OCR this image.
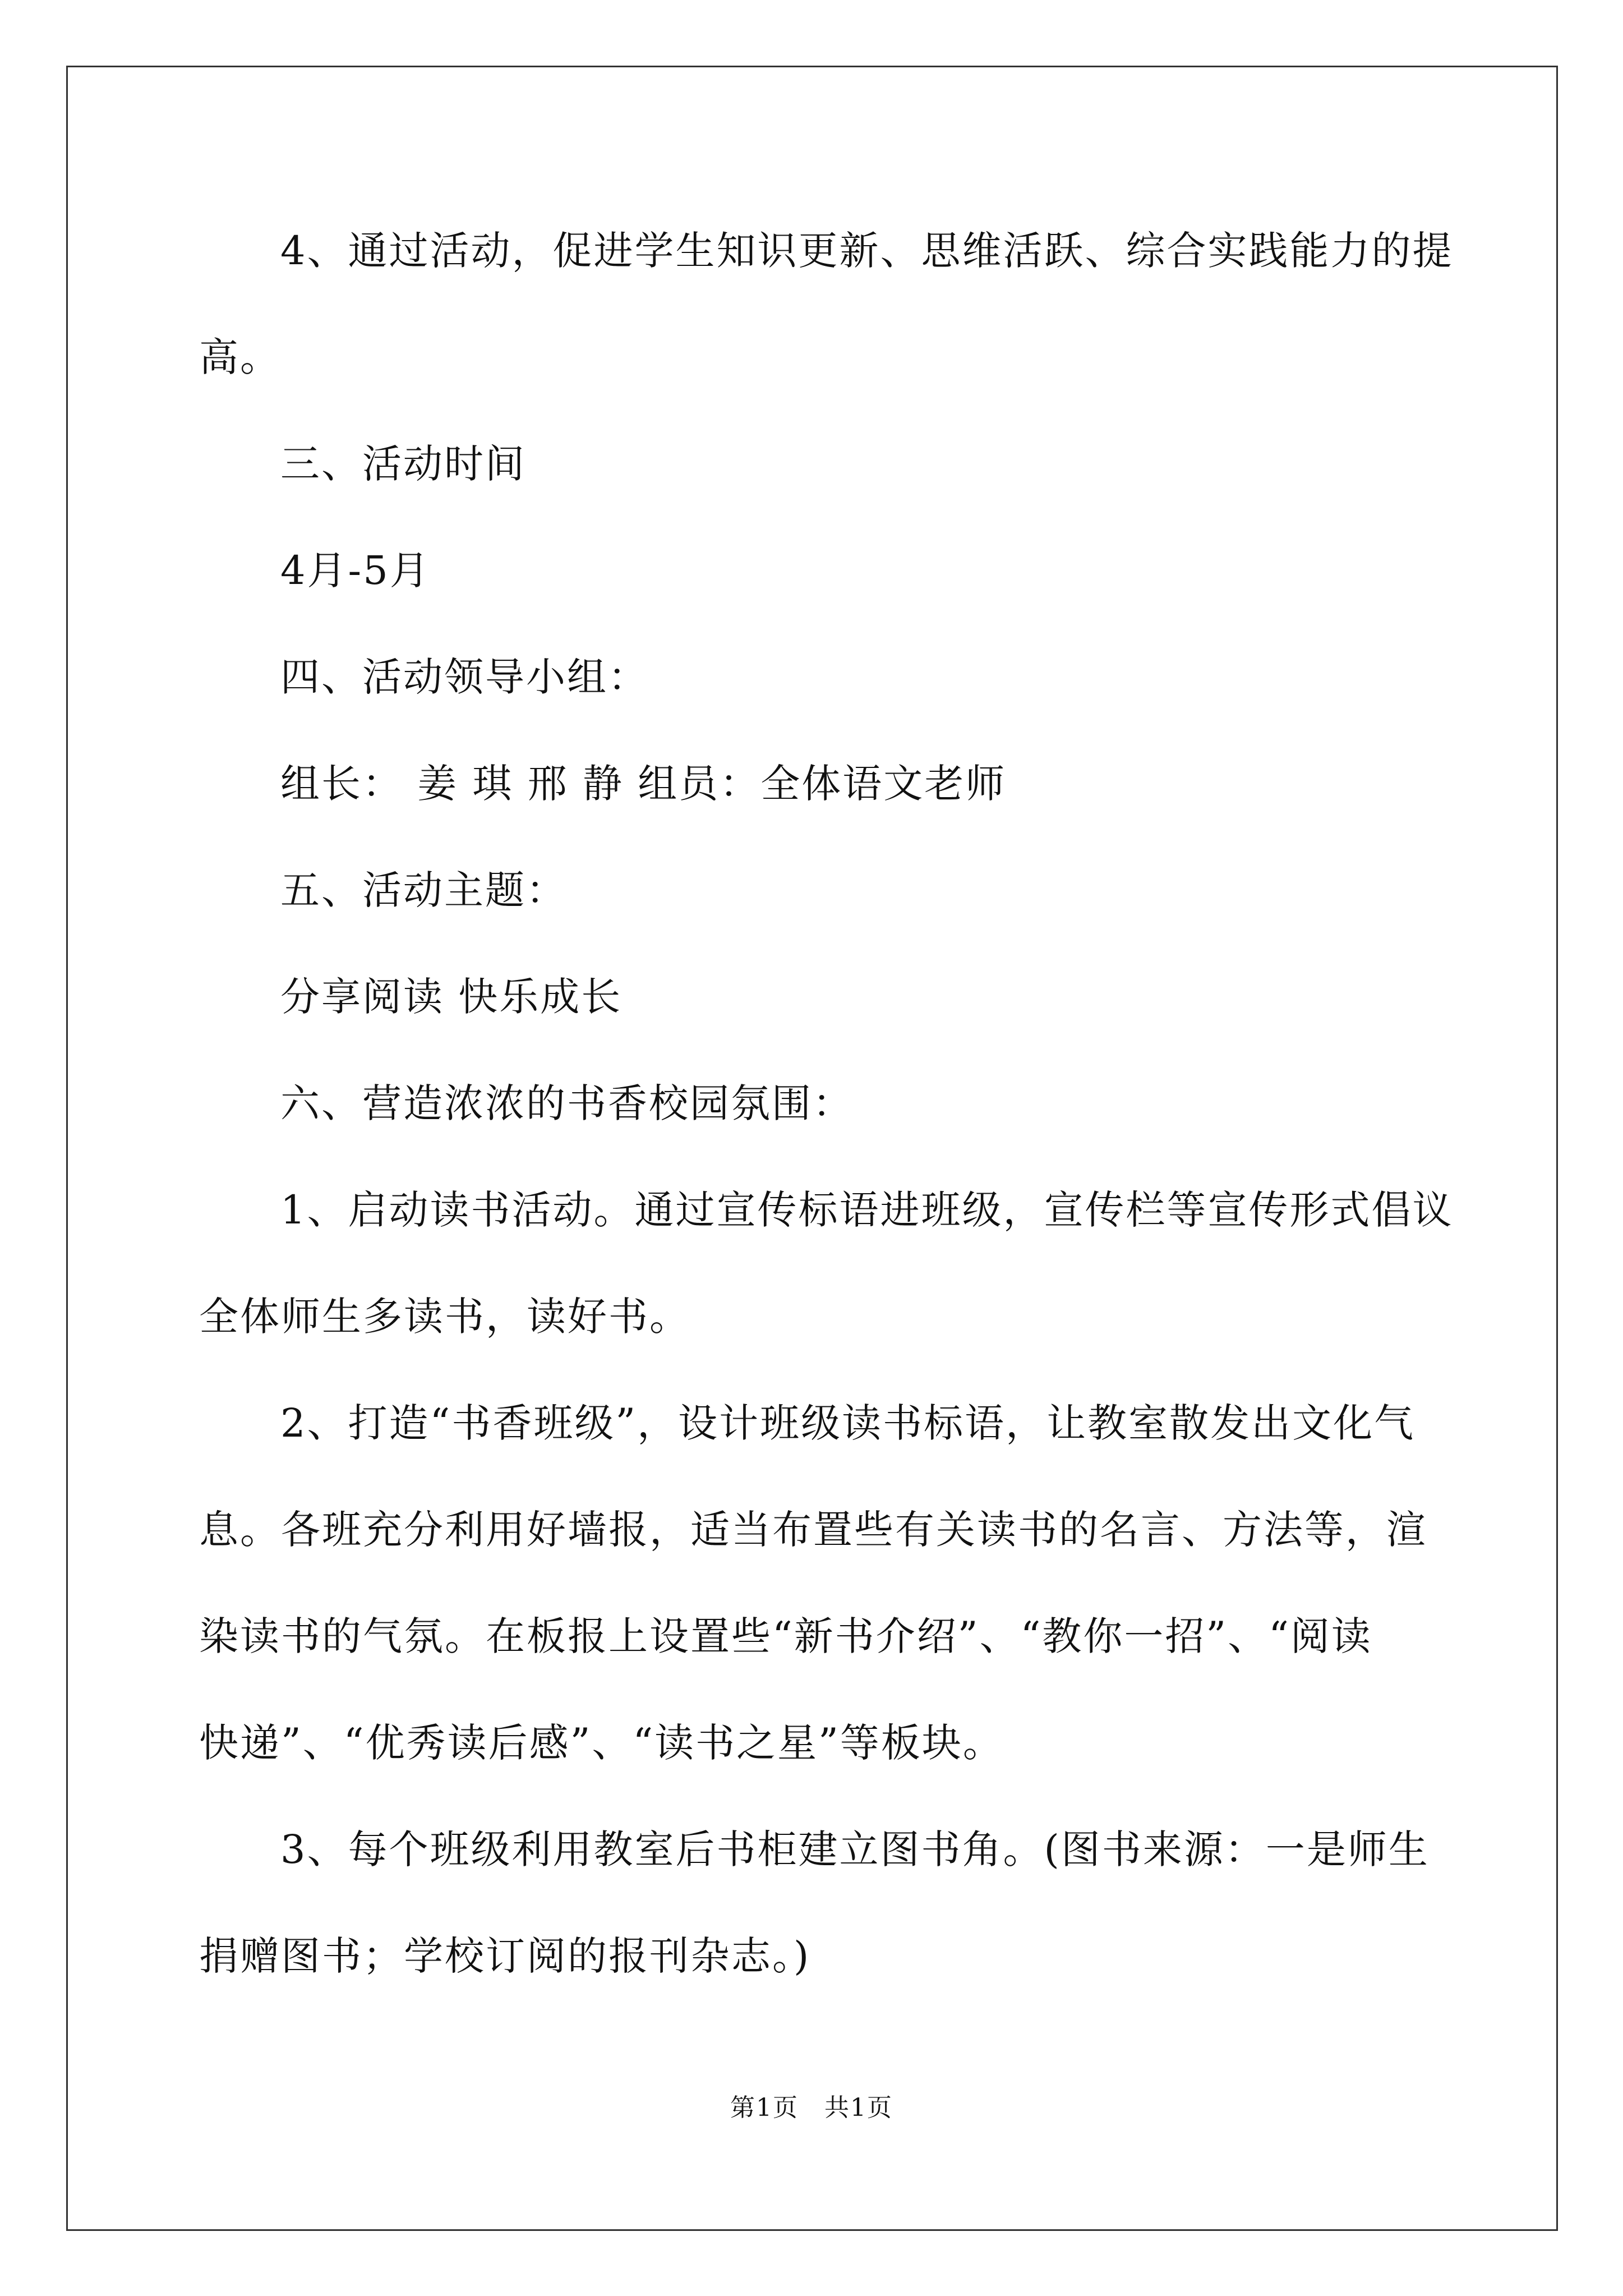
4、通过活动，促进学生知识更新、思维活跃、综合实践能力的提
高。
三、活动时间
4月-5月
四、活动领导小组：
组长： 姜 琪 邢 静 组员：全体语文老师
五、活动主题：
分享阅读 快乐成长
六、营造浓浓的书香校园氛围：
1、启动读书活动。通过宣传标语进班级，宣传栏等宣传形式倡议
全体师生多读书，读好书。
2、打造“书香班级”，设计班级读书标语，让教室散发出文化气
息。各班充分利用好墙报，适当布置些有关读书的名言、方法等，渲
染读书的气氛。在板报上设置些“新书介绍”、“教你一招”、“阅读
快递”、“优秀读后感”、“读书之星”等板块。
3、每个班级利用教室后书柜建立图书角。(图书来源：一是师生
捐赠图书；学校订阅的报刊杂志。)
第1页　共1页
